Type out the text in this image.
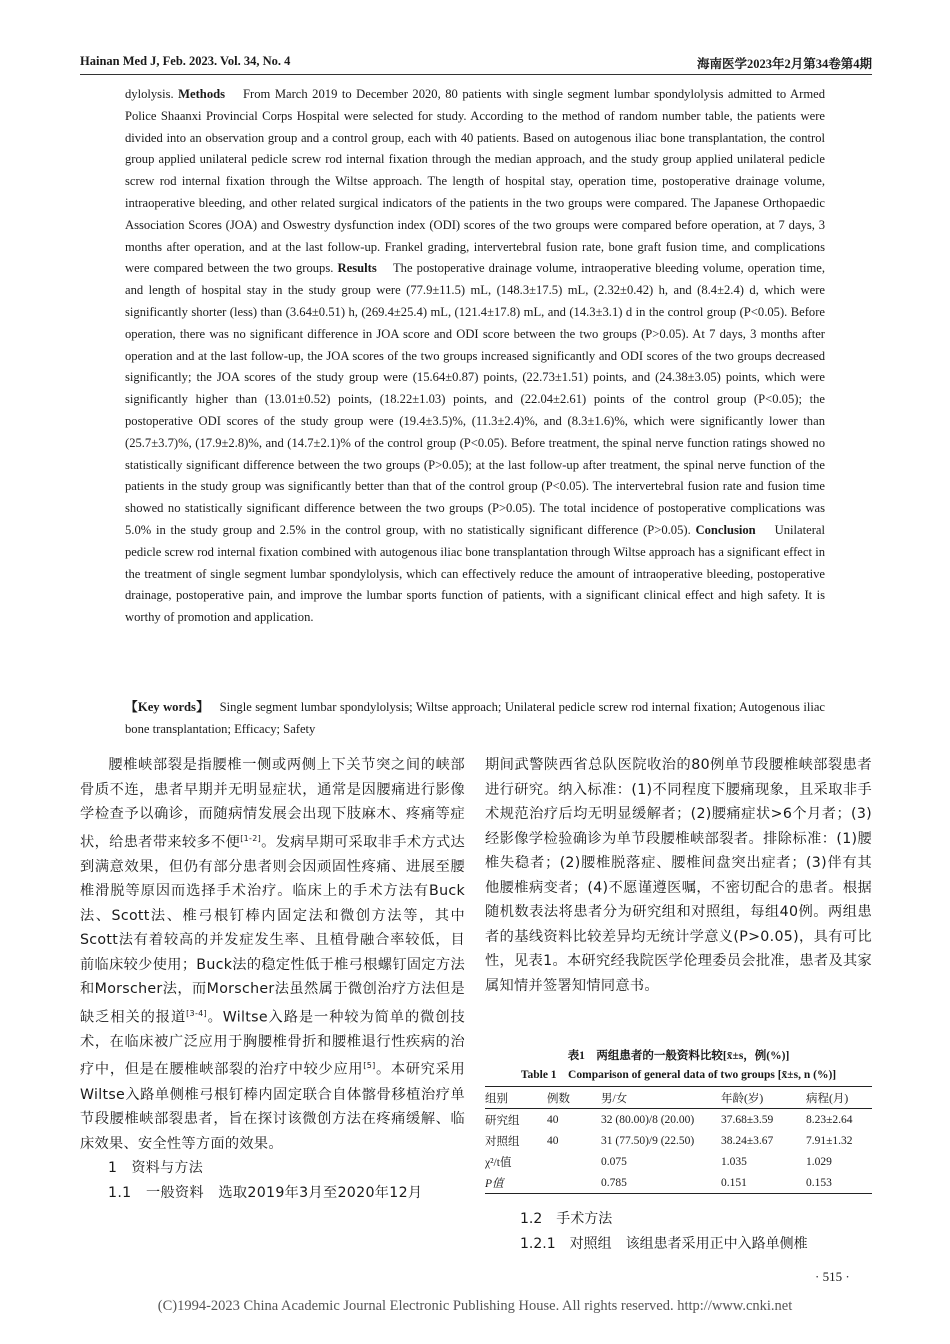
Hainan Med J, Feb. 2023. Vol. 34, No. 4	海南医学2023年2月第34卷第4期
dylolysis. Methods From March 2019 to December 2020, 80 patients with single segment lumbar spondylolysis admitted to Armed Police Shaanxi Provincial Corps Hospital were selected for study. According to the method of random number table, the patients were divided into an observation group and a control group, each with 40 patients. Based on autogenous iliac bone transplantation, the control group applied unilateral pedicle screw rod internal fixation through the median approach, and the study group applied unilateral pedicle screw rod internal fixation through the Wiltse approach. The length of hospital stay, operation time, postoperative drainage volume, intraoperative bleeding, and other related surgical indicators of the patients in the two groups were compared. The Japanese Orthopaedic Association Scores (JOA) and Oswestry dysfunction index (ODI) scores of the two groups were compared before operation, at 7 days, 3 months after operation, and at the last follow-up. Frankel grading, intervertebral fusion rate, bone graft fusion time, and complications were compared between the two groups. Results The postoperative drainage volume, intraoperative bleeding volume, operation time, and length of hospital stay in the study group were (77.9±11.5) mL, (148.3±17.5) mL, (2.32±0.42) h, and (8.4±2.4) d, which were significantly shorter (less) than (3.64±0.51) h, (269.4±25.4) mL, (121.4±17.8) mL, and (14.3±3.1) d in the control group (P<0.05). Before operation, there was no significant difference in JOA score and ODI score between the two groups (P>0.05). At 7 days, 3 months after operation and at the last follow-up, the JOA scores of the two groups increased significantly and ODI scores of the two groups decreased significantly; the JOA scores of the study group were (15.64±0.87) points, (22.73±1.51) points, and (24.38±3.05) points, which were significantly higher than (13.01±0.52) points, (18.22±1.03) points, and (22.04±2.61) points of the control group (P<0.05); the postoperative ODI scores of the study group were (19.4±3.5)%, (11.3±2.4)%, and (8.3±1.6)%, which were significantly lower than (25.7±3.7)%, (17.9±2.8)%, and (14.7±2.1)% of the control group (P<0.05). Before treatment, the spinal nerve function ratings showed no statistically significant difference between the two groups (P>0.05); at the last follow-up after treatment, the spinal nerve function of the patients in the study group was significantly better than that of the control group (P<0.05). The intervertebral fusion rate and fusion time showed no statistically significant difference between the two groups (P>0.05). The total incidence of postoperative complications was 5.0% in the study group and 2.5% in the control group, with no statistically significant difference (P>0.05). Conclusion Unilateral pedicle screw rod internal fixation combined with autogenous iliac bone transplantation through Wiltse approach has a significant effect in the treatment of single segment lumbar spondylolysis, which can effectively reduce the amount of intraoperative bleeding, postoperative drainage, postoperative pain, and improve the lumbar sports function of patients, with a significant clinical effect and high safety. It is worthy of promotion and application.
【Key words】 Single segment lumbar spondylolysis; Wiltse approach; Unilateral pedicle screw rod internal fixation; Autogenous iliac bone transplantation; Efficacy; Safety

腰椎峡部裂是指腰椎一侧或两侧上下关节突之间的峡部骨质不连，患者早期并无明显症状，通常是因腰痛进行影像学检查予以确诊，而随病情发展会出现下肢麻木、疼痛等症状，给患者带来较多不便[1-2]。发病早期可采取非手术方式达到满意效果，但仍有部分患者则会因顽固性疼痛、进展至腰椎滑脱等原因而选择手术治疗。临床上的手术方法有Buck法、Scott法、椎弓根钉棒内固定法和微创方法等，其中Scott法有着较高的并发症发生率、且植骨融合率较低，目前临床较少使用；Buck法的稳定性低于椎弓根螺钉固定方法和Morscher法，而Morscher法虽然属于微创治疗方法但是缺乏相关的报道[3-4]。Wiltse入路是一种较为简单的微创技术，在临床被广泛应用于胸腰椎骨折和腰椎退行性疾病的治疗中，但是在腰椎峡部裂的治疗中较少应用[5]。本研究采用Wiltse入路单侧椎弓根钉棒内固定联合自体髂骨移植治疗单节段腰椎峡部裂患者，旨在探讨该微创方法在疼痛缓解、临床效果、安全性等方面的效果。

1　资料与方法

1.1　一般资料　选取2019年3月至2020年12月

期间武警陕西省总队医院收治的80例单节段腰椎峡部裂患者进行研究。纳入标准：(1)不同程度下腰痛现象，且采取非手术规范治疗后均无明显缓解者；(2)腰痛症状>6个月者；(3)经影像学检验确诊为单节段腰椎峡部裂者。排除标准：(1)腰椎失稳者；(2)腰椎脱落症、腰椎间盘突出症者；(3)伴有其他腰椎病变者；(4)不愿谨遵医嘱，不密切配合的患者。根据随机数表法将患者分为研究组和对照组，每组40例。两组患者的基线资料比较差异均无统计学意义(P>0.05)，具有可比性，见表1。本研究经我院医学伦理委员会批准，患者及其家属知情并签署知情同意书。

表1　两组患者的一般资料比较[x̄±s，例(%)]
Table 1　Comparison of general data of two groups [x̄±s, n (%)]
组别	例数	男/女	年龄(岁)	病程(月)
研究组	40	32 (80.00)/8 (20.00)	37.68±3.59	8.23±2.64
对照组	40	31 (77.50)/9 (22.50)	38.24±3.67	7.91±1.32
χ²/t值		0.075	1.035	1.029
P值		0.785	0.151	0.153
1.2　手术方法
1.2.1　对照组　该组患者采用正中入路单侧椎
· 515 ·
(C)1994-2023 China Academic Journal Electronic Publishing House. All rights reserved. http://www.cnki.net
